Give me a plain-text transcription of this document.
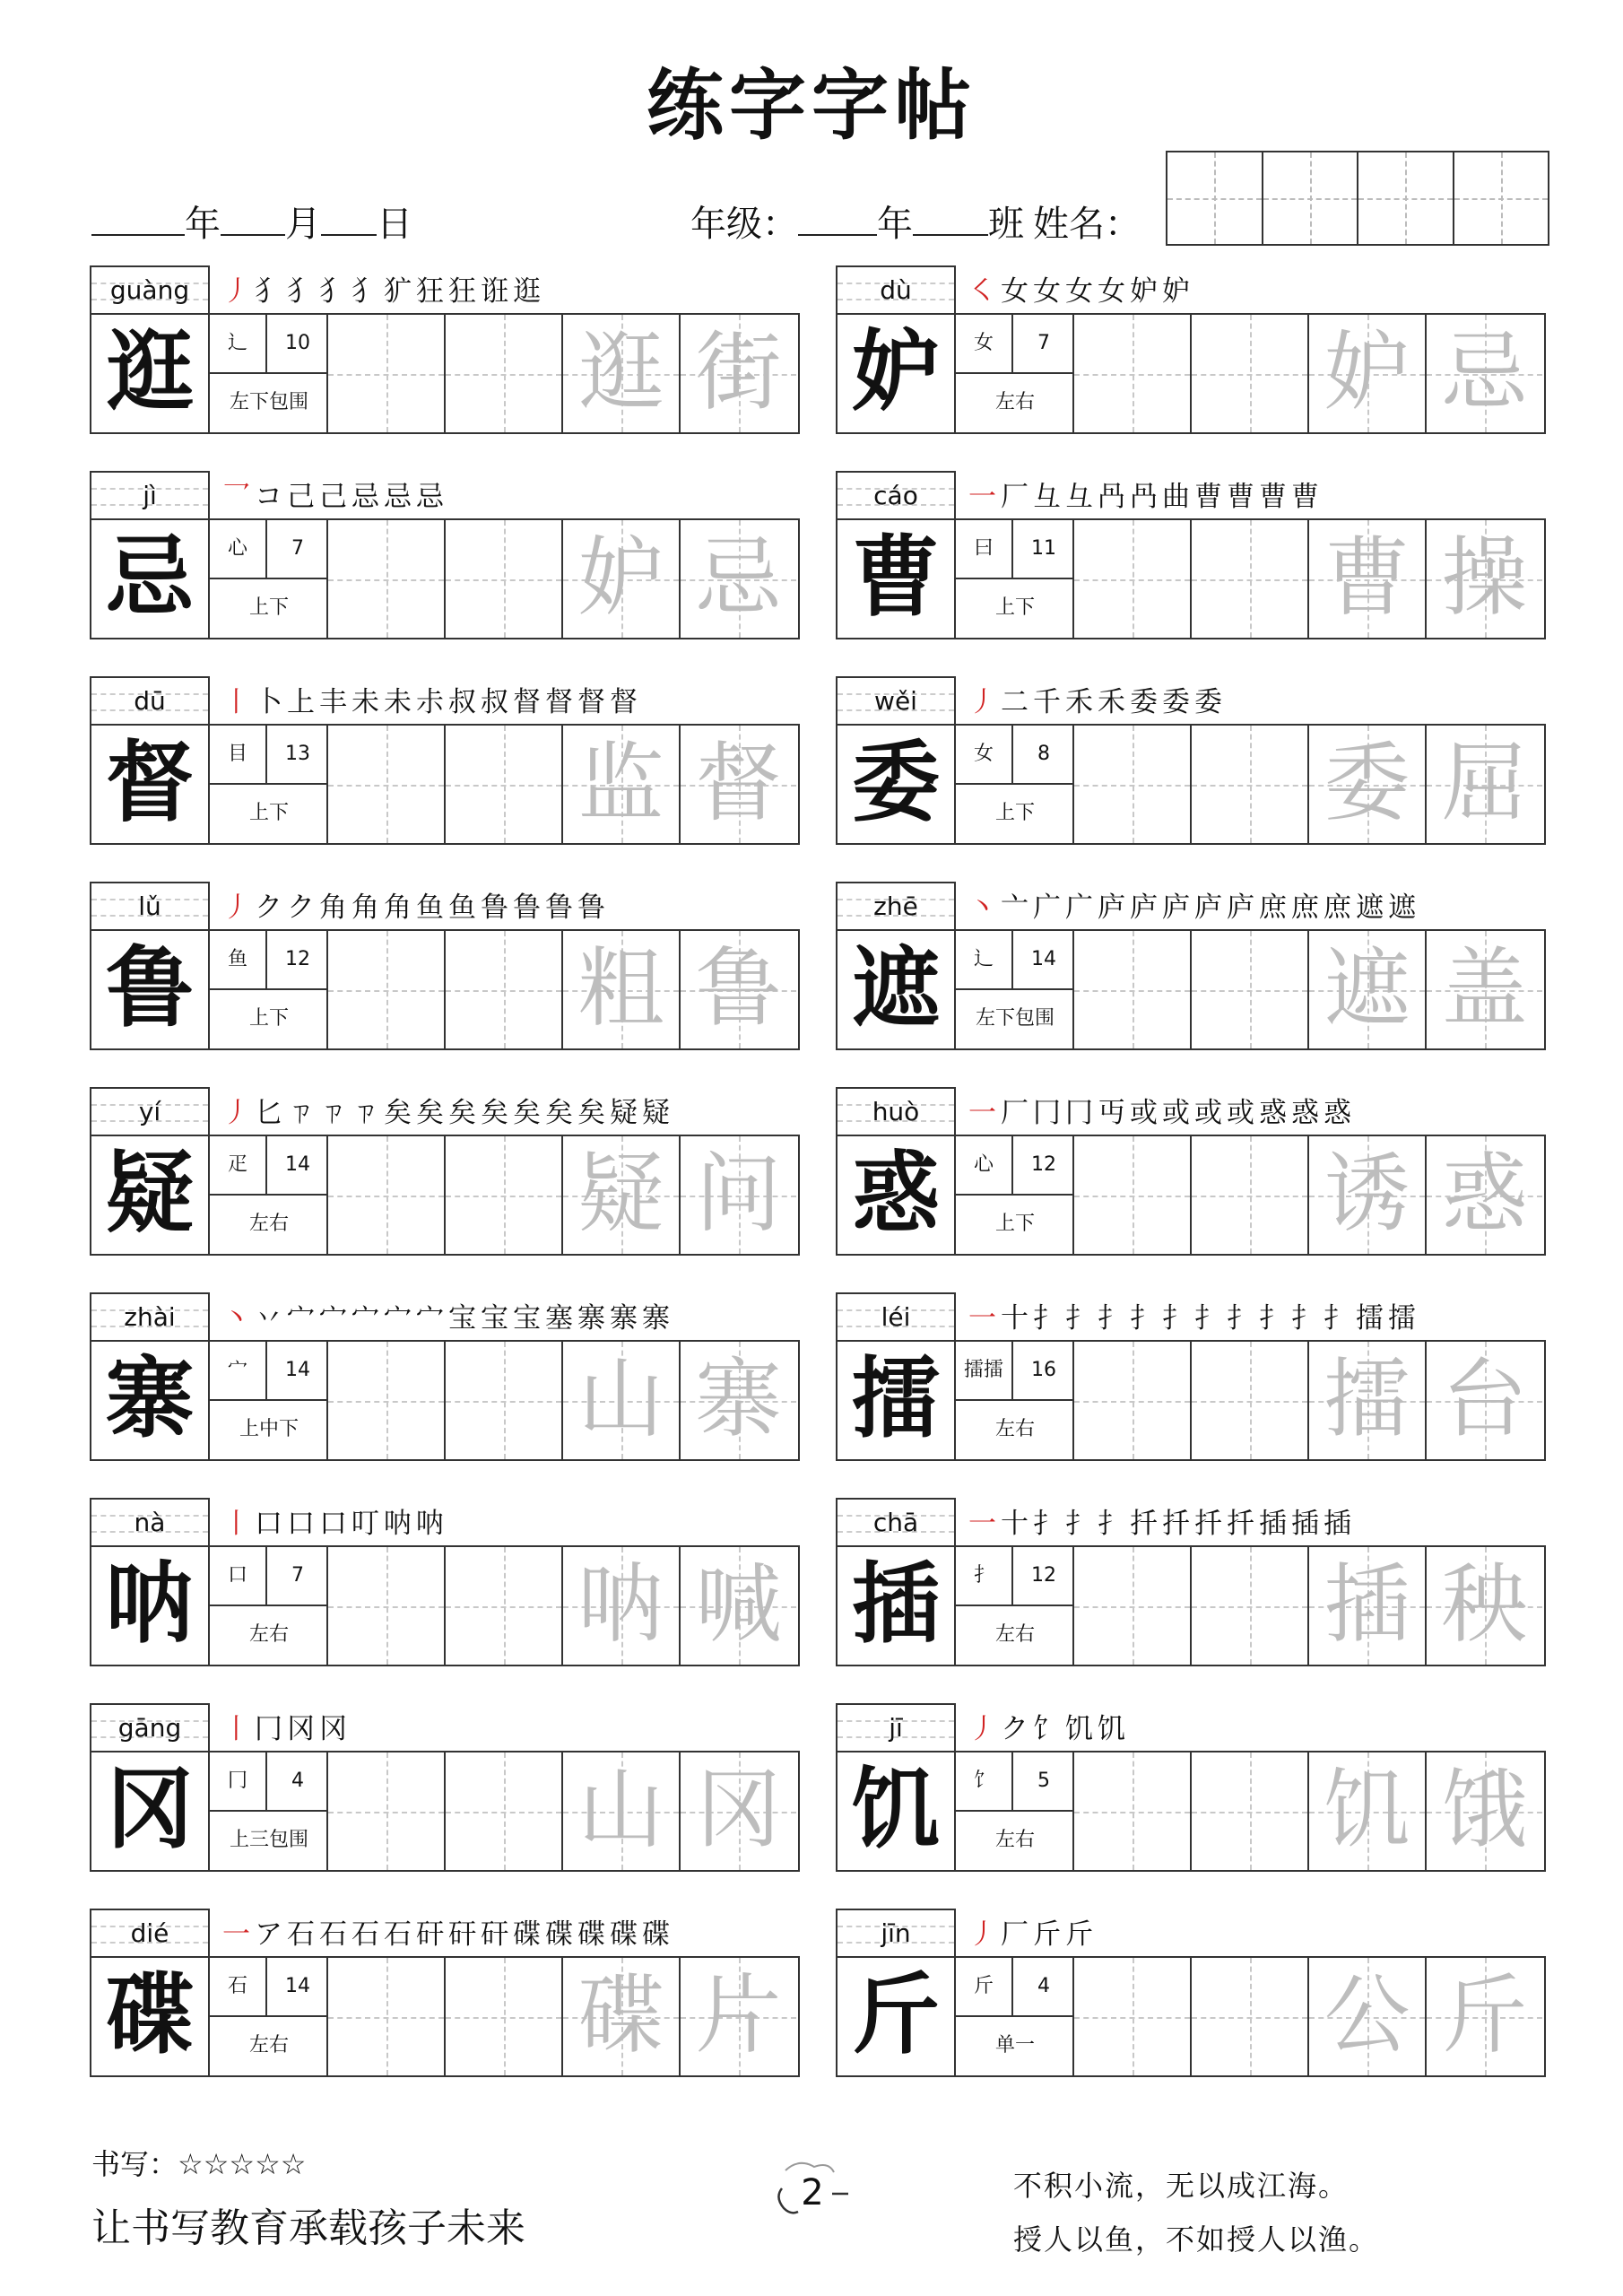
练字字帖
年 月 日	年级： 年 班 姓名：
guàng	丿犭犭犭犭犷狂狂诳逛
逛	辶	10
左下包围	逛 街
dù	㇛女女女女妒妒
妒	女	7
左右	妒 忌
jì	乛コ己己忌忌忌
忌	心	7
上下	妒 忌
cáo	一厂彑彑冎冎曲曹曹曹曹
曹	曰	11
上下	曹 操
dū	丨卜上丰未未尗叔叔督督督督
督	目	13
上下	监 督
wěi	丿二千禾禾委委委
委	女	8
上下	委 屈
lǔ	丿クク角角角鱼鱼鲁鲁鲁鲁
鲁	鱼	12
上下	粗 鲁
zhē	丶亠广广庐庐庐庐庐庶庶庶遮遮
遮	辶	14
左下包围	遮 盖
yí	丿匕ㄗㄗㄗ矣矣矣矣矣矣矣疑疑
疑	疋	14
左右	疑 问
huò	一厂冂冂丏或或或或惑惑惑
惑	心	12
上下	诱 惑
zhài	丶丷宀宀宀宀宀宝宝宝塞寨寨寨
寨	宀	14
上中下	山 寨
léi	一十扌扌扌扌扌扌扌扌扌扌擂擂
擂	擂擂	16
左右	擂 台
nà	丨口口口叮呐呐
呐	口	7
左右	呐 喊
chā	一十扌扌扌扦扦扦扦插插插
插	扌	12
左右	插 秧
gāng	丨冂冈冈
冈	冂	4
上三包围	山 冈
jī	丿ク饣饥饥
饥	饣	5
左右	饥 饿
dié	一ア石石石石矸矸矸碟碟碟碟碟
碟	石	14
左右	碟 片
jīn	丿厂斤斤
斤	斤	4
单一	公 斤
书写：☆☆☆☆☆
让书写教育承载孩子未来
2	不积小流，无以成江海。
授人以鱼，不如授人以渔。
